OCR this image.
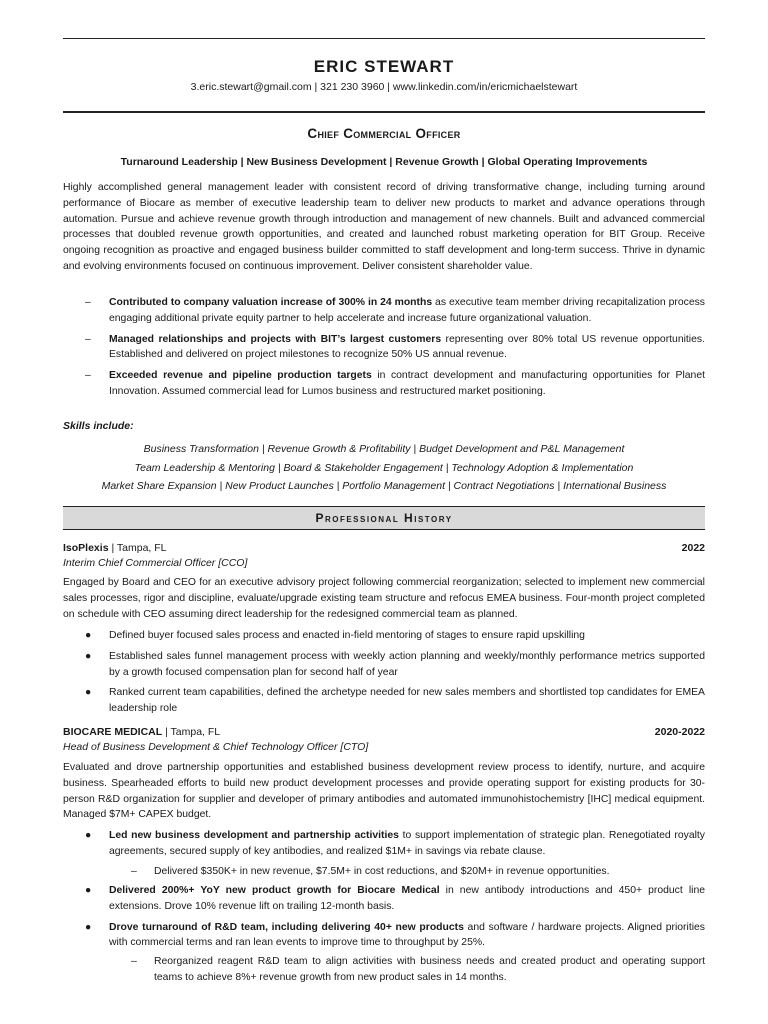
ERIC STEWART
3.eric.stewart@gmail.com | 321 230 3960 | www.linkedin.com/in/ericmichaelstewart
Chief Commercial Officer
Turnaround Leadership | New Business Development | Revenue Growth | Global Operating Improvements

Highly accomplished general management leader with consistent record of driving transformative change, including turning around performance of Biocare as member of executive leadership team to deliver new products to market and advance operations through automation. Pursue and achieve revenue growth through introduction and management of new channels. Built and advanced commercial processes that doubled revenue growth opportunities, and created and launched robust marketing operation for BIT Group. Receive ongoing recognition as proactive and engaged business builder committed to staff development and long-term success. Thrive in dynamic and evolving environments focused on continuous improvement. Deliver consistent shareholder value.

– Contributed to company valuation increase of 300% in 24 months as executive team member driving recapitalization process engaging additional private equity partner to help accelerate and increase future organizational valuation.
– Managed relationships and projects with BIT’s largest customers representing over 80% total US revenue opportunities. Established and delivered on project milestones to recognize 50% US annual revenue.
– Exceeded revenue and pipeline production targets in contract development and manufacturing opportunities for Planet Innovation. Assumed commercial lead for Lumos business and restructured market positioning.
Skills include:
Business Transformation | Revenue Growth & Profitability | Budget Development and P&L Management
Team Leadership & Mentoring | Board & Stakeholder Engagement | Technology Adoption & Implementation
Market Share Expansion | New Product Launches | Portfolio Management | Contract Negotiations | International Business
Professional History
IsoPlexis | Tampa, FL	2022
Interim Chief Commercial Officer [CCO]

Engaged by Board and CEO for an executive advisory project following commercial reorganization; selected to implement new commercial sales processes, rigor and discipline, evaluate/upgrade existing team structure and refocus EMEA business. Four-month project completed on schedule with CEO assuming direct leadership for the redesigned commercial team as planned.

● Defined buyer focused sales process and enacted in-field mentoring of stages to ensure rapid upskilling
● Established sales funnel management process with weekly action planning and weekly/monthly performance metrics supported by a growth focused compensation plan for second half of year
● Ranked current team capabilities, defined the archetype needed for new sales members and shortlisted top candidates for EMEA leadership role
BIOCARE MEDICAL | Tampa, FL	2020-2022
Head of Business Development & Chief Technology Officer [CTO]

Evaluated and drove partnership opportunities and established business development review process to identify, nurture, and acquire business. Spearheaded efforts to build new product development processes and provide operating support for existing products for 30-person R&D organization for supplier and developer of primary antibodies and automated immunohistochemistry [IHC] medical equipment. Managed $7M+ CAPEX budget.

● Led new business development and partnership activities to support implementation of strategic plan. Renegotiated royalty agreements, secured supply of key antibodies, and realized $1M+ in savings via rebate clause.
– Delivered $350K+ in new revenue, $7.5M+ in cost reductions, and $20M+ in revenue opportunities.
● Delivered 200%+ YoY new product growth for Biocare Medical in new antibody introductions and 450+ product line extensions. Drove 10% revenue lift on trailing 12-month basis.
● Drove turnaround of R&D team, including delivering 40+ new products and software / hardware projects. Aligned priorities with commercial terms and ran lean events to improve time to throughput by 25%.
– Reorganized reagent R&D team to align activities with business needs and created product and operating support teams to achieve 8%+ revenue growth from new product sales in 14 months.
